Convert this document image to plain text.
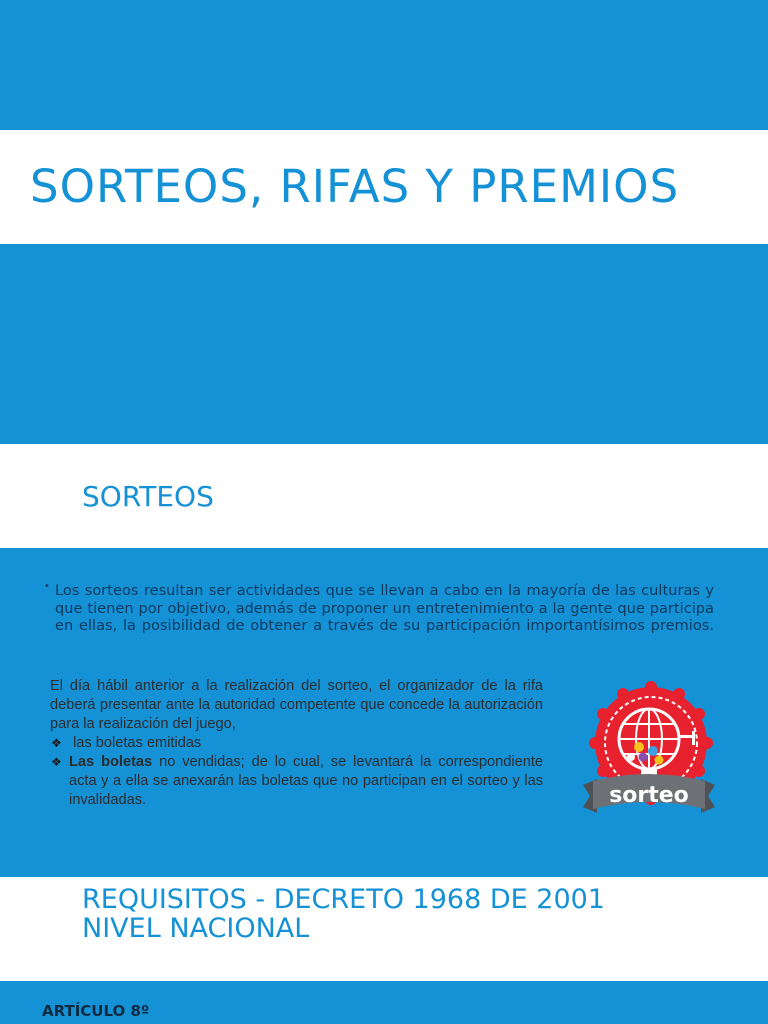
SORTEOS, RIFAS Y PREMIOS
SORTEOS
• Los sorteos resultan ser actividades que se llevan a cabo en la mayoría de las culturas y que tienen por objetivo, además de proponer un entretenimiento a la gente que participa en ellas, la posibilidad de obtener a través de su participación importantísimos premios.

El día hábil anterior a la realización del sorteo, el organizador de la rifa deberá presentar ante la autoridad competente que concede la autorización para la realización del juego,

❖ las boletas emitidas
❖ Las boletas no vendidas; de lo cual, se levantará la correspondiente acta y a ella se anexarán las boletas que no participan en el sorteo y las invalidadas.	sorteo
REQUISITOS - DECRETO 1968 DE 2001
NIVEL NACIONAL
ARTÍCULO 8º
